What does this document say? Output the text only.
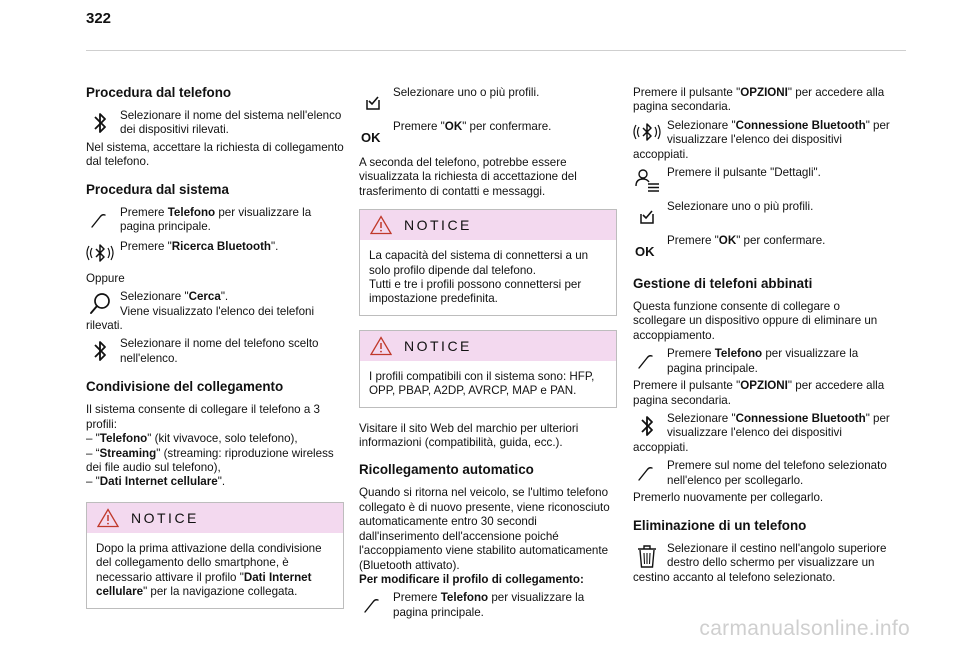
322
Procedura dal telefono

Selezionare il nome del sistema nell'elenco dei dispositivi rilevati.

Nel sistema, accettare la richiesta di collegamento dal telefono.

Procedura dal sistema

Premere Telefono per visualizzare la pagina principale.

Premere "Ricerca Bluetooth".

Oppure

Selezionare "Cerca".
Viene visualizzato l'elenco dei telefoni rilevati.

Selezionare il nome del telefono scelto nell'elenco.

Condivisione del collegamento

Il sistema consente di collegare il telefono a 3 profili:

– "Telefono" (kit vivavoce, solo telefono),

– “Streaming" (streaming: riproduzione wireless dei file audio sul telefono),

– "Dati Internet cellulare".

NOTICE

Dopo la prima attivazione della condivisione del collegamento dello smartphone, è necessario attivare il profilo "Dati Internet cellulare" per la navigazione collegata.

Selezionare uno o più profili.

OK

Premere "OK" per confermare.

A seconda del telefono, potrebbe essere visualizzata la richiesta di accettazione del trasferimento di contatti e messaggi.

NOTICE

La capacità del sistema di connettersi a un solo profilo dipende dal telefono.

Tutti e tre i profili possono connettersi per impostazione predefinita.

NOTICE

I profili compatibili con il sistema sono: HFP, OPP, PBAP, A2DP, AVRCP, MAP e PAN.

Visitare il sito Web del marchio per ulteriori informazioni (compatibilità, guida, ecc.).

Ricollegamento automatico

Quando si ritorna nel veicolo, se l'ultimo telefono collegato è di nuovo presente, viene riconosciuto automaticamente entro 30 secondi dall'inserimento dell'accensione poiché l'accoppiamento viene stabilito automaticamente (Bluetooth attivato).

Per modificare il profilo di collegamento:

Premere Telefono per visualizzare la pagina principale.

Premere il pulsante "OPZIONI" per accedere alla pagina secondaria.

Selezionare "Connessione Bluetooth" per visualizzare l'elenco dei dispositivi accoppiati.

Premere il pulsante "Dettagli".

Selezionare uno o più profili.

OK

Premere "OK" per confermare.

Gestione di telefoni abbinati

Questa funzione consente di collegare o scollegare un dispositivo oppure di eliminare un accoppiamento.

Premere Telefono per visualizzare la pagina principale.

Premere il pulsante "OPZIONI" per accedere alla pagina secondaria.

Selezionare "Connessione Bluetooth" per visualizzare l'elenco dei dispositivi accoppiati.

Premere sul nome del telefono selezionato nell'elenco per scollegarlo.

Premerlo nuovamente per collegarlo.

Eliminazione di un telefono

Selezionare il cestino nell'angolo superiore destro dello schermo per visualizzare un cestino accanto al telefono selezionato.

carmanualsonline.info
